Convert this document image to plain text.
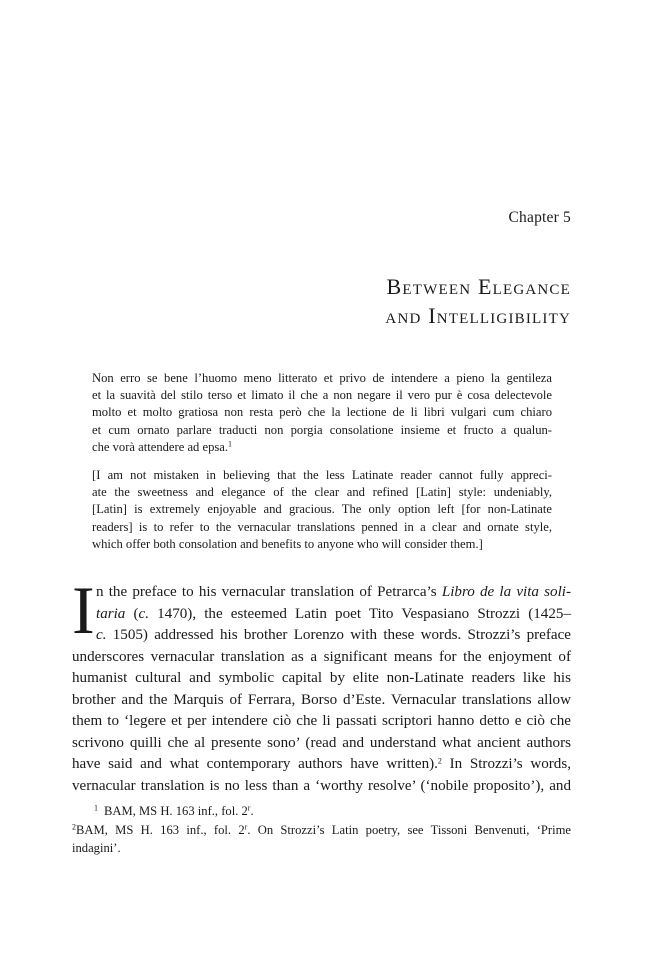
Chapter 5
Between Elegance
and Intelligibility
Non erro se bene l’huomo meno litterato et privo de intendere a pieno la gentileza
et la suavità del stilo terso et limato il che a non negare il vero pur è cosa delectevole
molto et molto gratiosa non resta però che la lectione de li libri vulgari cum chiaro
et cum ornato parlare traducti non porgia consolatione insieme et fructo a qualun-
che vorà attendere ad epsa.$^1$
[I am not mistaken in believing that the less Latinate reader cannot fully appreci-
ate the sweetness and elegance of the clear and refined [Latin] style: undeniably,
[Latin] is extremely enjoyable and gracious. The only option left [for non-Latinate
readers] is to refer to the vernacular translations penned in a clear and ornate style,
which offer both consolation and benefits to anyone who will consider them.]
I n the preface to his vernacular translation of Petrarca’s Libro de la vita soli-
taria (c. 1470), the esteemed Latin poet Tito Vespasiano Strozzi (1425–
c. 1505) addressed his brother Lorenzo with these words. Strozzi’s preface
underscores vernacular translation as a significant means for the enjoyment of
humanist cultural and symbolic capital by elite non-Latinate readers like his
brother and the Marquis of Ferrara, Borso d’Este. Vernacular translations allow
them to ‘legere et per intendere ciò che li passati scriptori hanno detto e ciò che
scrivono quilli che al presente sono’ (read and understand what ancient authors
have said and what contemporary authors have written).$^2$ In Strozzi’s words,
vernacular translation is no less than a ‘worthy resolve’ (‘nobile proposito’), and
$^1$ BAM, MS H. 163 inf., fol. 2$^r$.
$^2$BAM, MS H. 163 inf., fol. 2$^r$. On Strozzi’s Latin poetry, see Tissoni Benvenuti, ‘Prime
indagini’.
